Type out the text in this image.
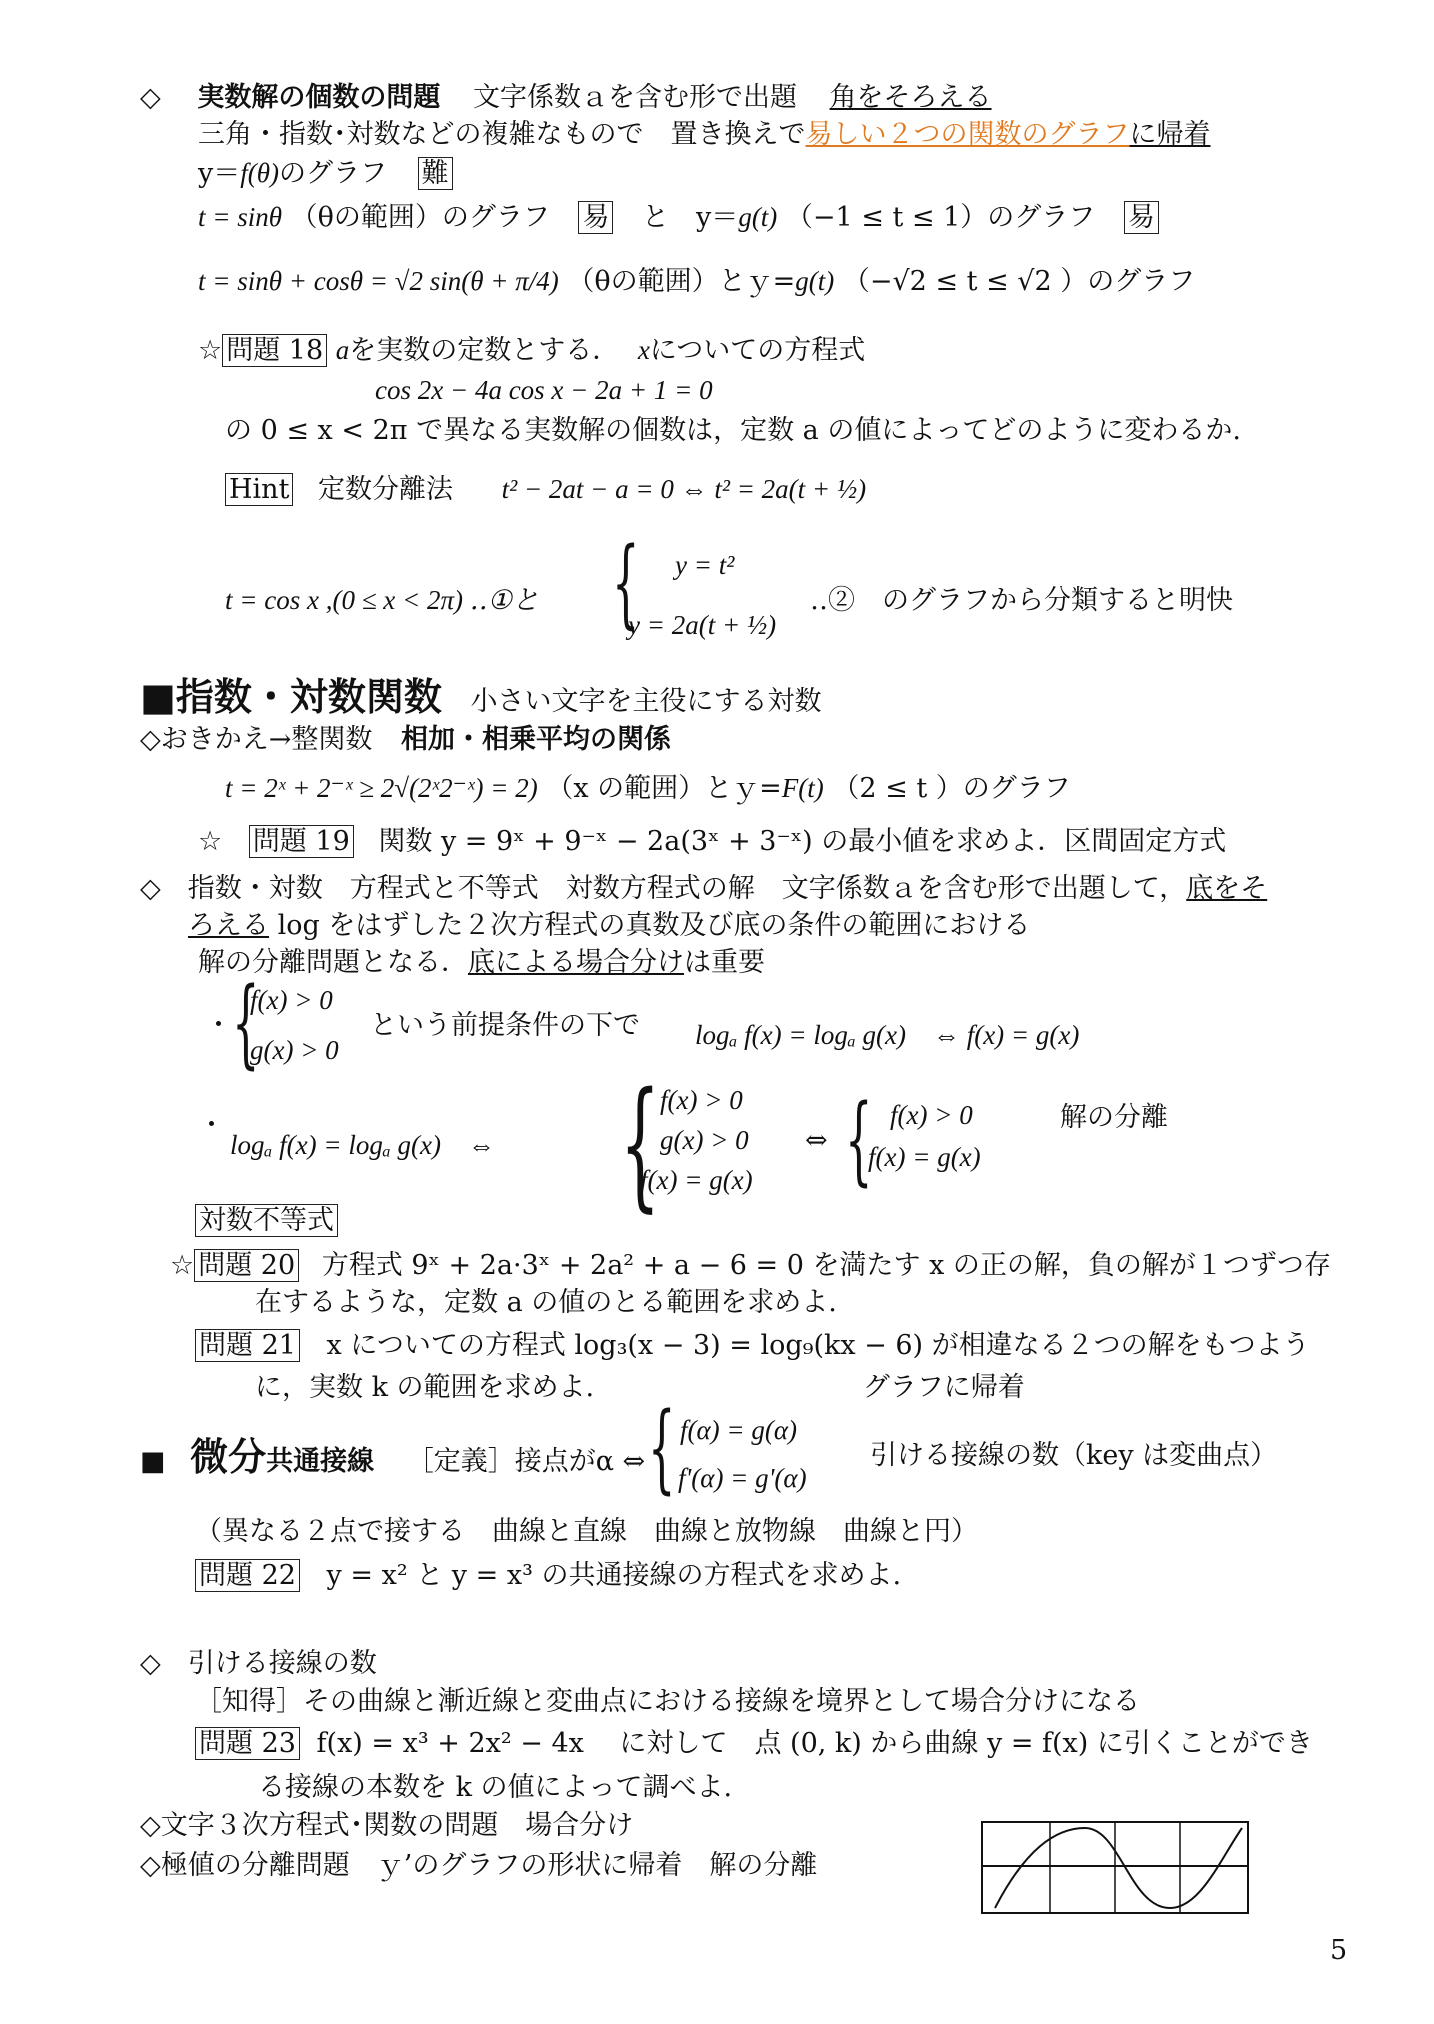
◇ 実数解の個数の問題 文字係数ａを含む形で出題 角をそろえる
三角・指数･対数などの複雑なもので　置き換えで易しい２つの関数のグラフに帰着
y＝f(θ)のグラフ 難
t = sinθ （θの範囲）のグラフ 易 と　y＝g(t) （−1 ≤ t ≤ 1）のグラフ 易
t = sinθ + cosθ = √2 sin(θ + π/4) （θの範囲）とｙ=g(t) （−√2 ≤ t ≤ √2 ）のグラフ
☆ 問題 18 aを実数の定数とする． xについての方程式
cos 2x − 4a cos x − 2a + 1 = 0
の 0 ≤ x < 2π で異なる実数解の個数は，定数 a の値によってどのように変わるか.
Hint 定数分離法 t² − 2at − a = 0 ⇔ t² = 2a(t + ½)
t = cos x ,(0 ≤ x < 2π) ‥①と { y = t²
y = 2a(t + ½)
‥②　のグラフから分類すると明快
■指数・対数関数 小さい文字を主役にする対数
◇おきかえ→整関数 相加・相乗平均の関係
t = 2ˣ + 2⁻ˣ ≥ 2√(2ˣ2⁻ˣ) = 2) （x の範囲）とｙ=F(t) （2 ≤ t ）のグラフ
☆ 問題 19 関数 y = 9ˣ + 9⁻ˣ − 2a(3ˣ + 3⁻ˣ) の最小値を求めよ．区間固定方式
◇　指数・対数　方程式と不等式　対数方程式の解　文字係数ａを含む形で出題して，底をそ
ろえる log をはずした２次方程式の真数及び底の条件の範囲における
解の分離問題となる．底による場合分けは重要
・ {
f(x) > 0
g(x) > 0
という前提条件の下で logₐ f(x) = logₐ g(x)　⇔ f(x) = g(x)
・
logₐ f(x) = logₐ g(x)　⇔ { f(x) > 0
g(x) > 0
f(x) = g(x)
⇔ { f(x) > 0
f(x) = g(x)
解の分離
対数不等式
☆ 問題 20 方程式 9ˣ + 2a·3ˣ + 2a² + a − 6 = 0 を満たす x の正の解，負の解が１つずつ存
在するような，定数 a の値のとる範囲を求めよ.
問題 21 x についての方程式 log₃(x − 3) = log₉(kx − 6) が相違なる２つの解をもつよう
に，実数 k の範囲を求めよ.	グラフに帰着
■ 微分共通接線 ［定義］接点がα ⇔ { f(α) = g(α)
f'(α) = g'(α)
引ける接線の数（key は変曲点）
（異なる２点で接する　曲線と直線　曲線と放物線　曲線と円）
問題 22 y = x² と y = x³ の共通接線の方程式を求めよ.
◇　引ける接線の数
［知得］その曲線と漸近線と変曲点における接線を境界として場合分けになる
問題 23 f(x) = x³ + 2x² − 4x　 に対して　点 (0, k) から曲線 y = f(x) に引くことができ
る接線の本数を k の値によって調べよ.
◇文字３次方程式･関数の問題　場合分け
◇極値の分離問題　ｙ’のグラフの形状に帰着　解の分離
5
